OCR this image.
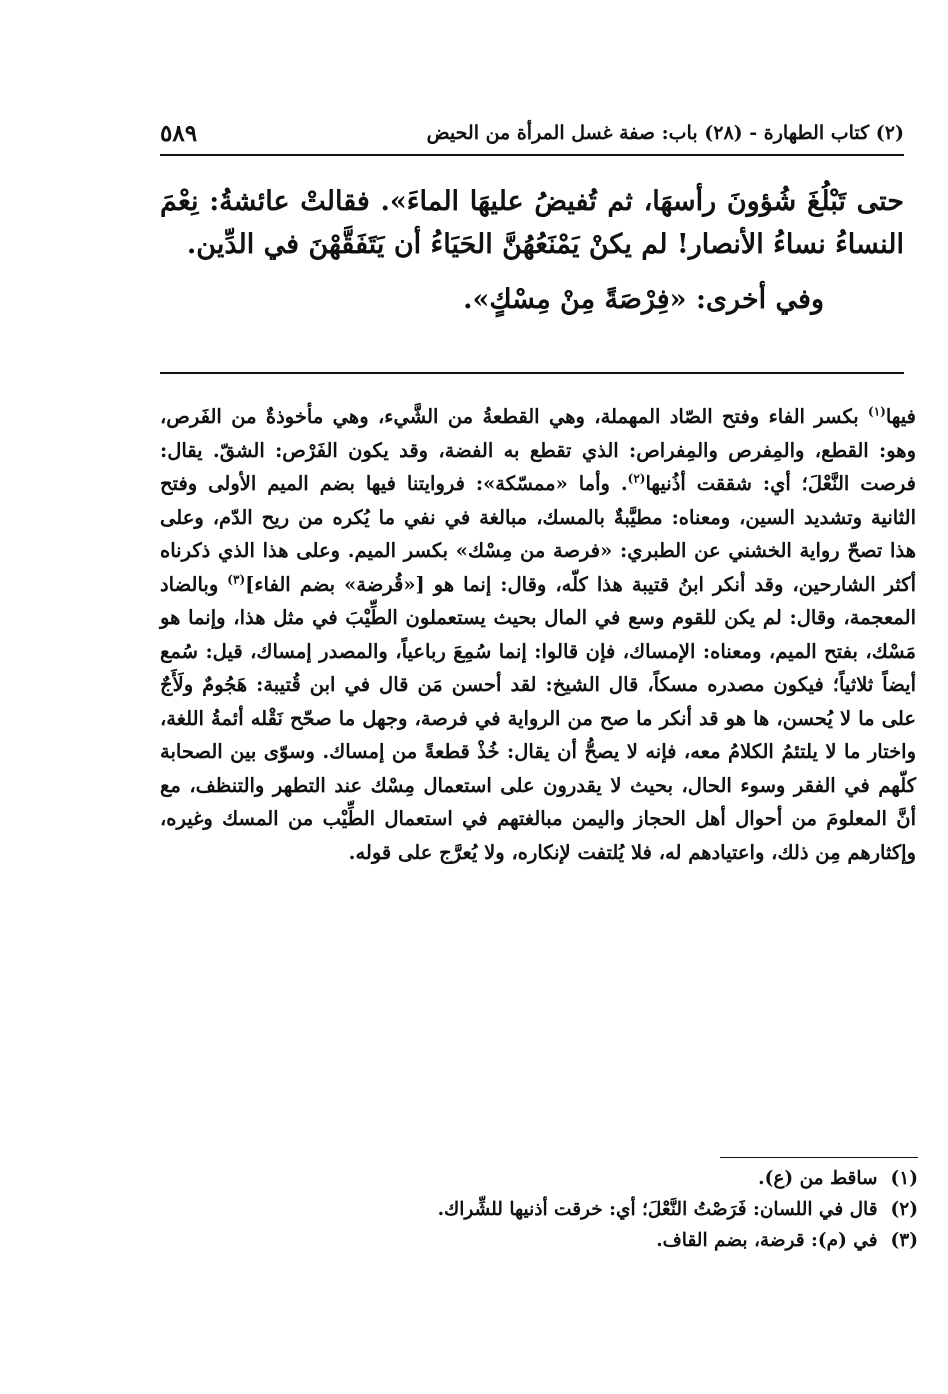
(٢) كتاب الطهارة - (٢٨) باب: صفة غسل المرأة من الحيض
٥٨٩

حتى تَبْلُغَ شُؤونَ رأسهَا، ثم تُفيضُ عليهَا الماءَ». فقالتْ عائشةُ: نِعْمَ النساءُ نساءُ الأنصار! لم يكنْ يَمْنَعُهُنَّ الحَيَاءُ أن يَتَفَقَّهْنَ في الدِّين.

وفي أخرى: «فِرْصَةً مِنْ مِسْكٍ».

فيها$^{(١)}$ بكسر الفاء وفتح الصّاد المهملة، وهي القطعةُ من الشَّيء، وهي مأخوذةٌ من الفَرص، وهو: القطع، والمِفرص والمِفراص: الذي تقطع به الفضة، وقد يكون الفَرْص: الشقّ. يقال: فرصت النَّعْلَ؛ أي: شققت أذُنيها$^{(٢)}$. وأما «ممسّكة»: فروايتنا فيها بضم الميم الأولى وفتح الثانية وتشديد السين، ومعناه: مطيَّبةٌ بالمسك، مبالغة في نفي ما يُكره من ريح الدّم، وعلى هذا تصحّ رواية الخشني عن الطبري: «فرصة من مِسْك» بكسر الميم. وعلى هذا الذي ذكرناه أكثر الشارحين، وقد أنكر ابنُ قتيبة هذا كلّه، وقال: إنما هو [«قُرضة» بضم الفاء]$^{(٣)}$ وبالضاد المعجمة، وقال: لم يكن للقوم وسع في المال بحيث يستعملون الطِّيْبَ في مثل هذا، وإنما هو مَسْك، بفتح الميم، ومعناه: الإمساك، فإن قالوا: إنما سُمِعَ رباعياً، والمصدر إمساك، قيل: سُمع أيضاً ثلاثياً؛ فيكون مصدره مسكاً، قال الشيخ: لقد أحسن مَن قال في ابن قُتيبة: هَجُومٌ ولَأَجٌ على ما لا يُحسن، ها هو قد أنكر ما صح من الرواية في فرصة، وجهل ما صحّح نَقْله أئمةُ اللغة، واختار ما لا يلتئمُ الكلامُ معه، فإنه لا يصحُّ أن يقال: خُذْ قطعةً من إمساك. وسوّى بين الصحابة كلّهم في الفقر وسوء الحال، بحيث لا يقدرون على استعمال مِسْك عند التطهر والتنظف، مع أنَّ المعلومَ من أحوال أهل الحجاز واليمن مبالغتهم في استعمال الطِّيْب من المسك وغيره، وإكثارهم مِن ذلك، واعتيادهم له، فلا يُلتفت لإنكاره، ولا يُعرَّج على قوله.

(١) ساقط من (ع).
(٢) قال في اللسان: فَرَصْتُ النَّعْلَ؛ أي: خرقت أذنيها للشِّراك.
(٣) في (م): قرضة، بضم القاف.
